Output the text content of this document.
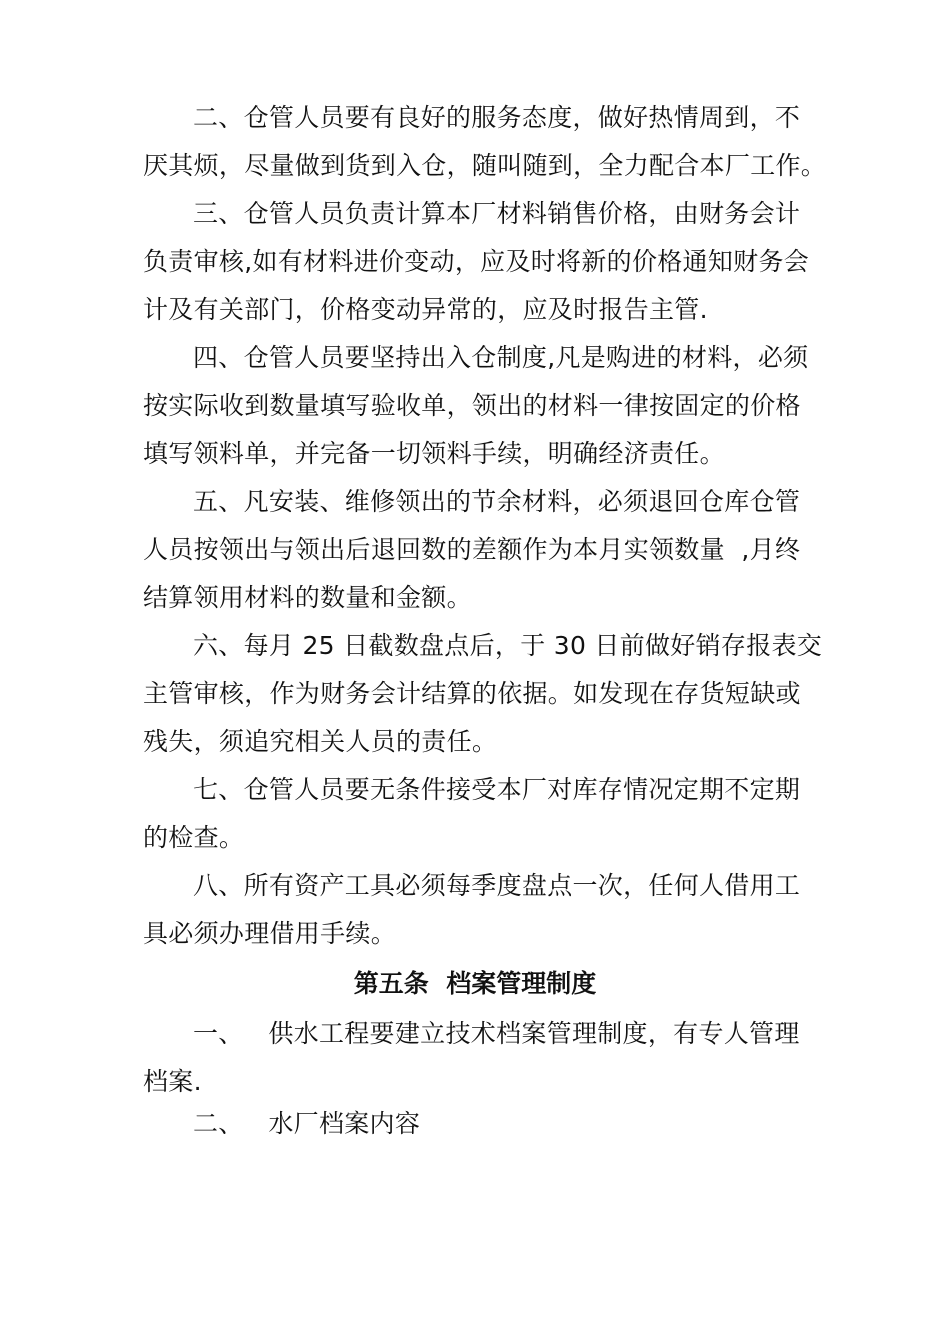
二、仓管人员要有良好的服务态度，做好热情周到，不
厌其烦，尽量做到货到入仓，随叫随到，全力配合本厂工作。
三、仓管人员负责计算本厂材料销售价格，由财务会计
负责审核,如有材料进价变动，应及时将新的价格通知财务会
计及有关部门，价格变动异常的，应及时报告主管.
四、仓管人员要坚持出入仓制度,凡是购进的材料，必须
按实际收到数量填写验收单，领出的材料一律按固定的价格
填写领料单，并完备一切领料手续，明确经济责任。
五、凡安装、维修领出的节余材料，必须退回仓库仓管
人员按领出与领出后退回数的差额作为本月实领数量  ,月终
结算领用材料的数量和金额。
六、每月 25 日截数盘点后，于 30 日前做好销存报表交
主管审核，作为财务会计结算的依据。如发现在存货短缺或
残失，须追究相关人员的责任。
七、仓管人员要无条件接受本厂对库存情况定期不定期
的检查。
八、所有资产工具必须每季度盘点一次，任何人借用工
具必须办理借用手续。
第五条  档案管理制度
一、   供水工程要建立技术档案管理制度，有专人管理
档案.
二、   水厂档案内容
